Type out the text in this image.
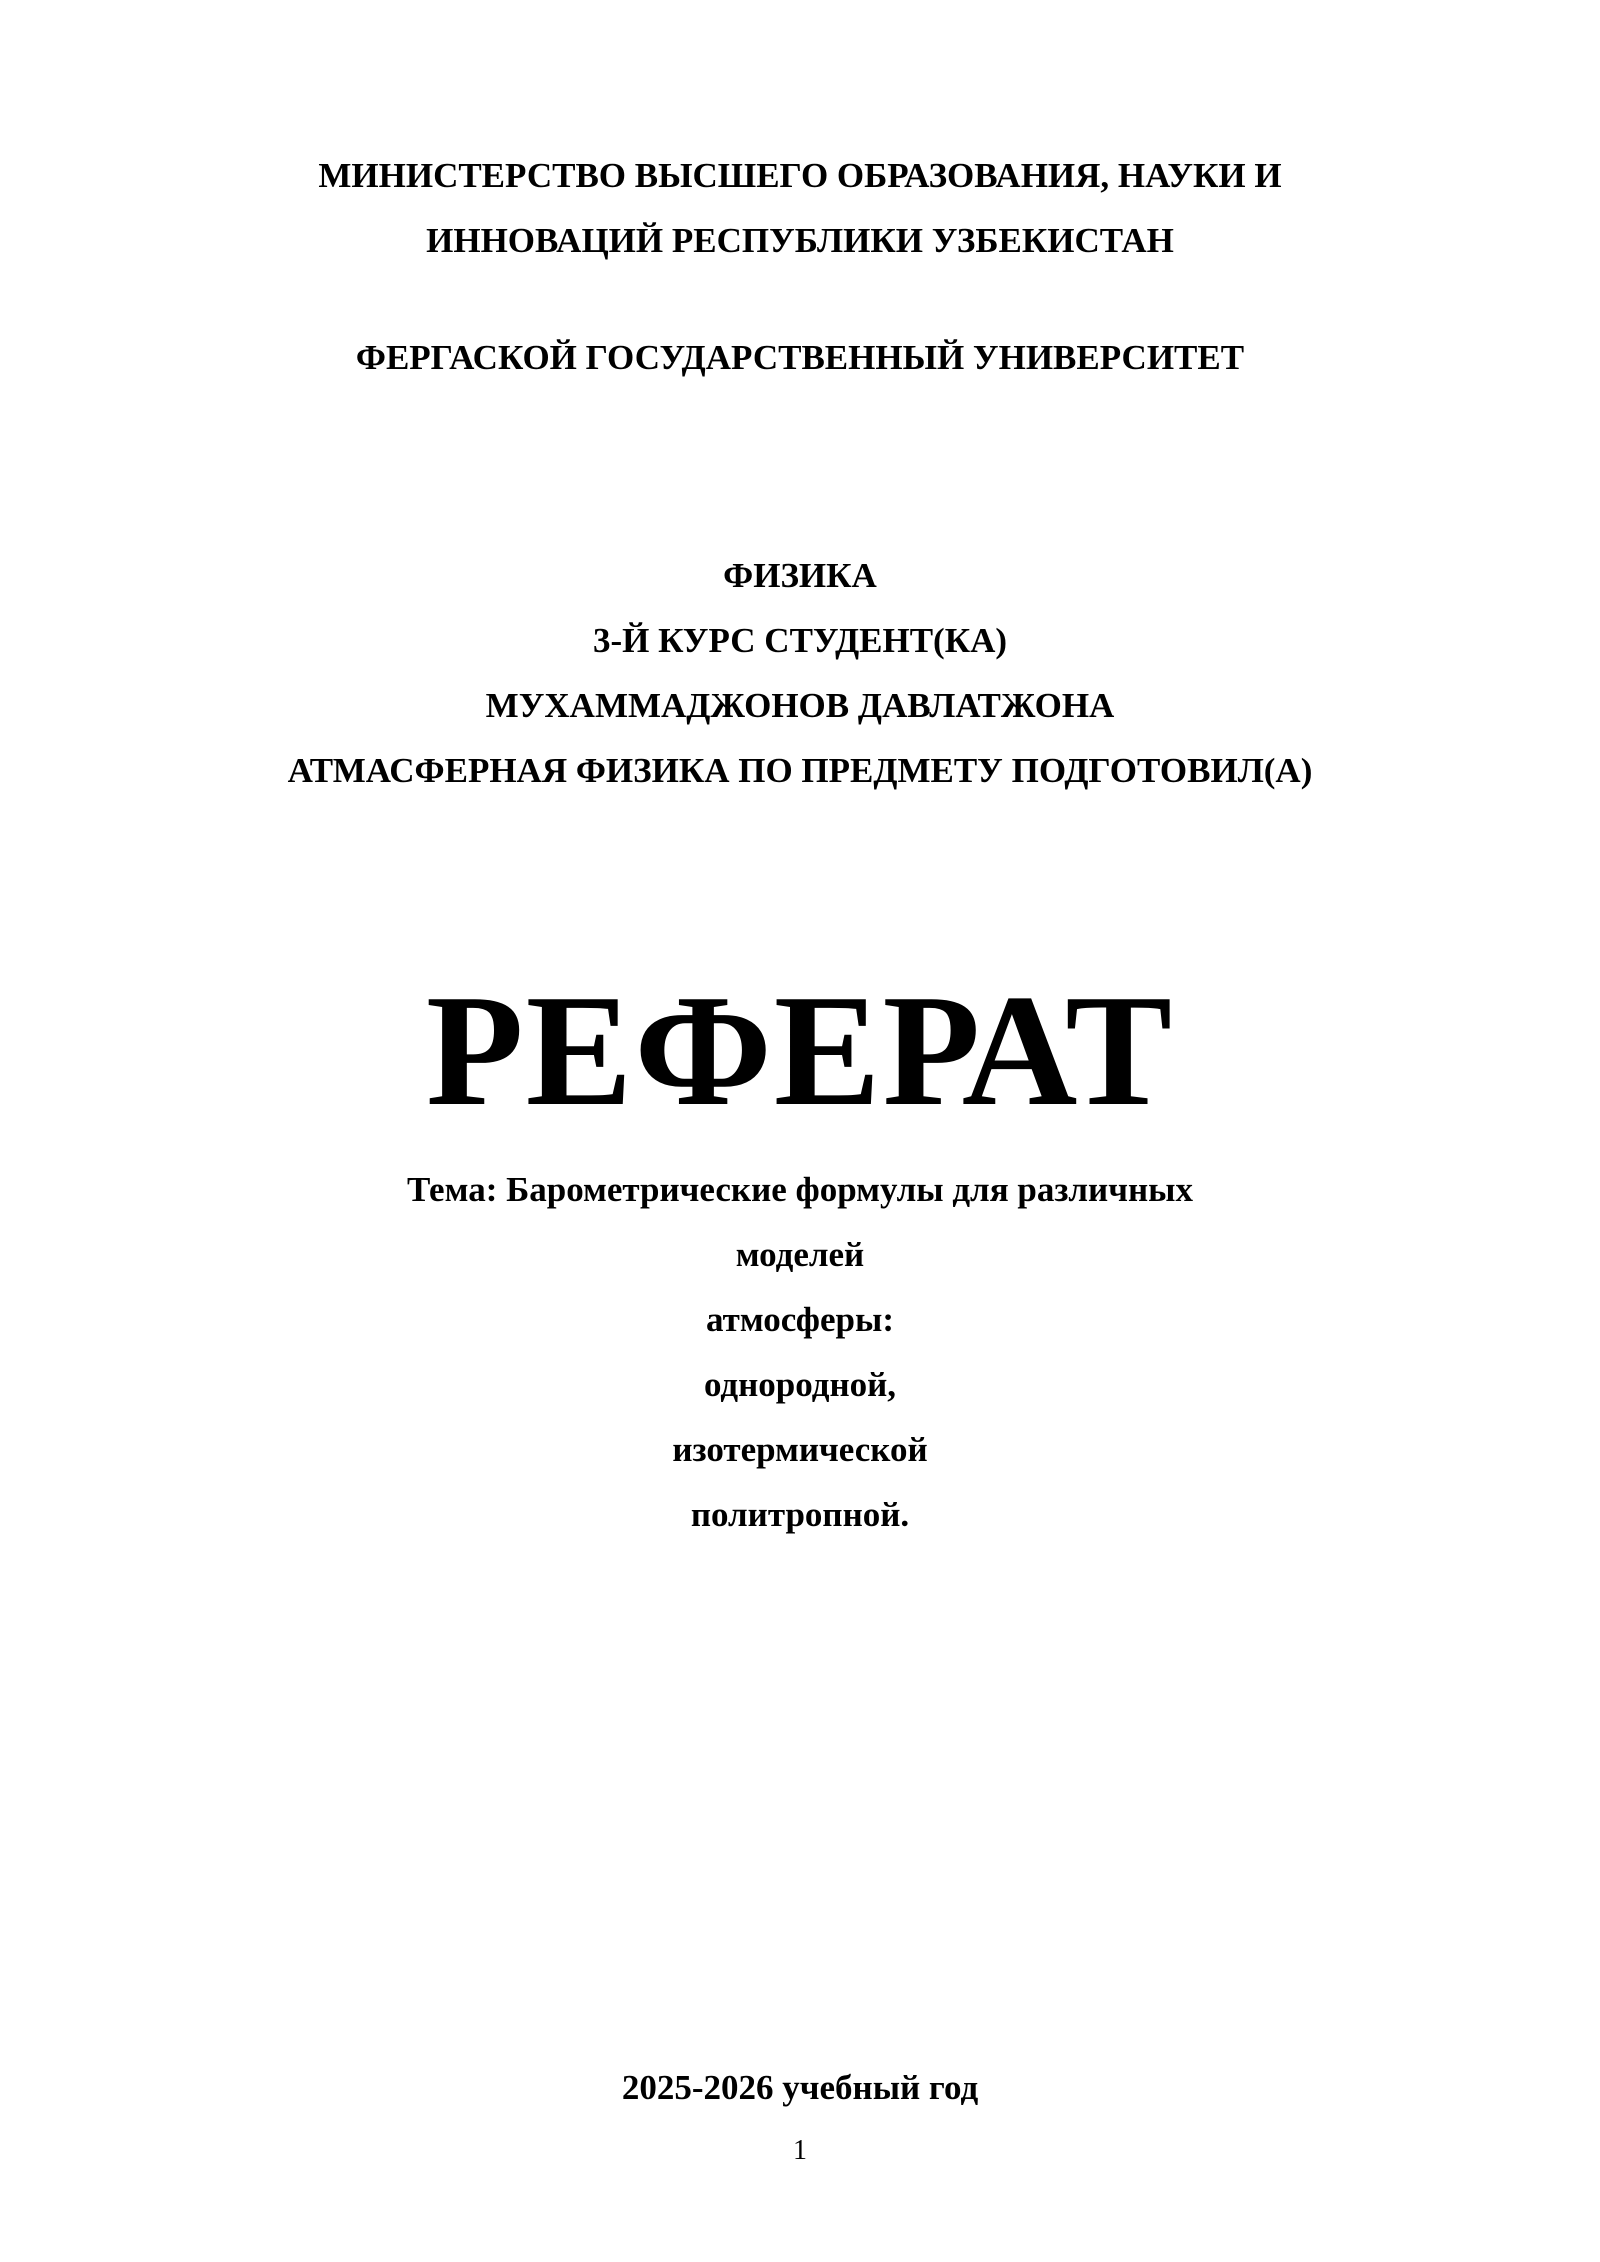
МИНИСТЕРСТВО ВЫСШЕГО ОБРАЗОВАНИЯ, НАУКИ И
ИННОВАЦИЙ РЕСПУБЛИКИ УЗБЕКИСТАН
ФЕРГАСКОЙ ГОСУДАРСТВЕННЫЙ УНИВЕРСИТЕТ
ФИЗИКА
3-Й КУРС СТУДЕНТ(КА)
МУХАММАДЖОНОВ ДАВЛАТЖОНА
АТМАСФЕРНАЯ ФИЗИКА ПО ПРЕДМЕТУ ПОДГОТОВИЛ(А)
РЕФЕРАТ
Тема: Барометрические формулы для различных
моделей
атмосферы:
однородной,
изотермической
политропной.
2025-2026 учебный год
1
